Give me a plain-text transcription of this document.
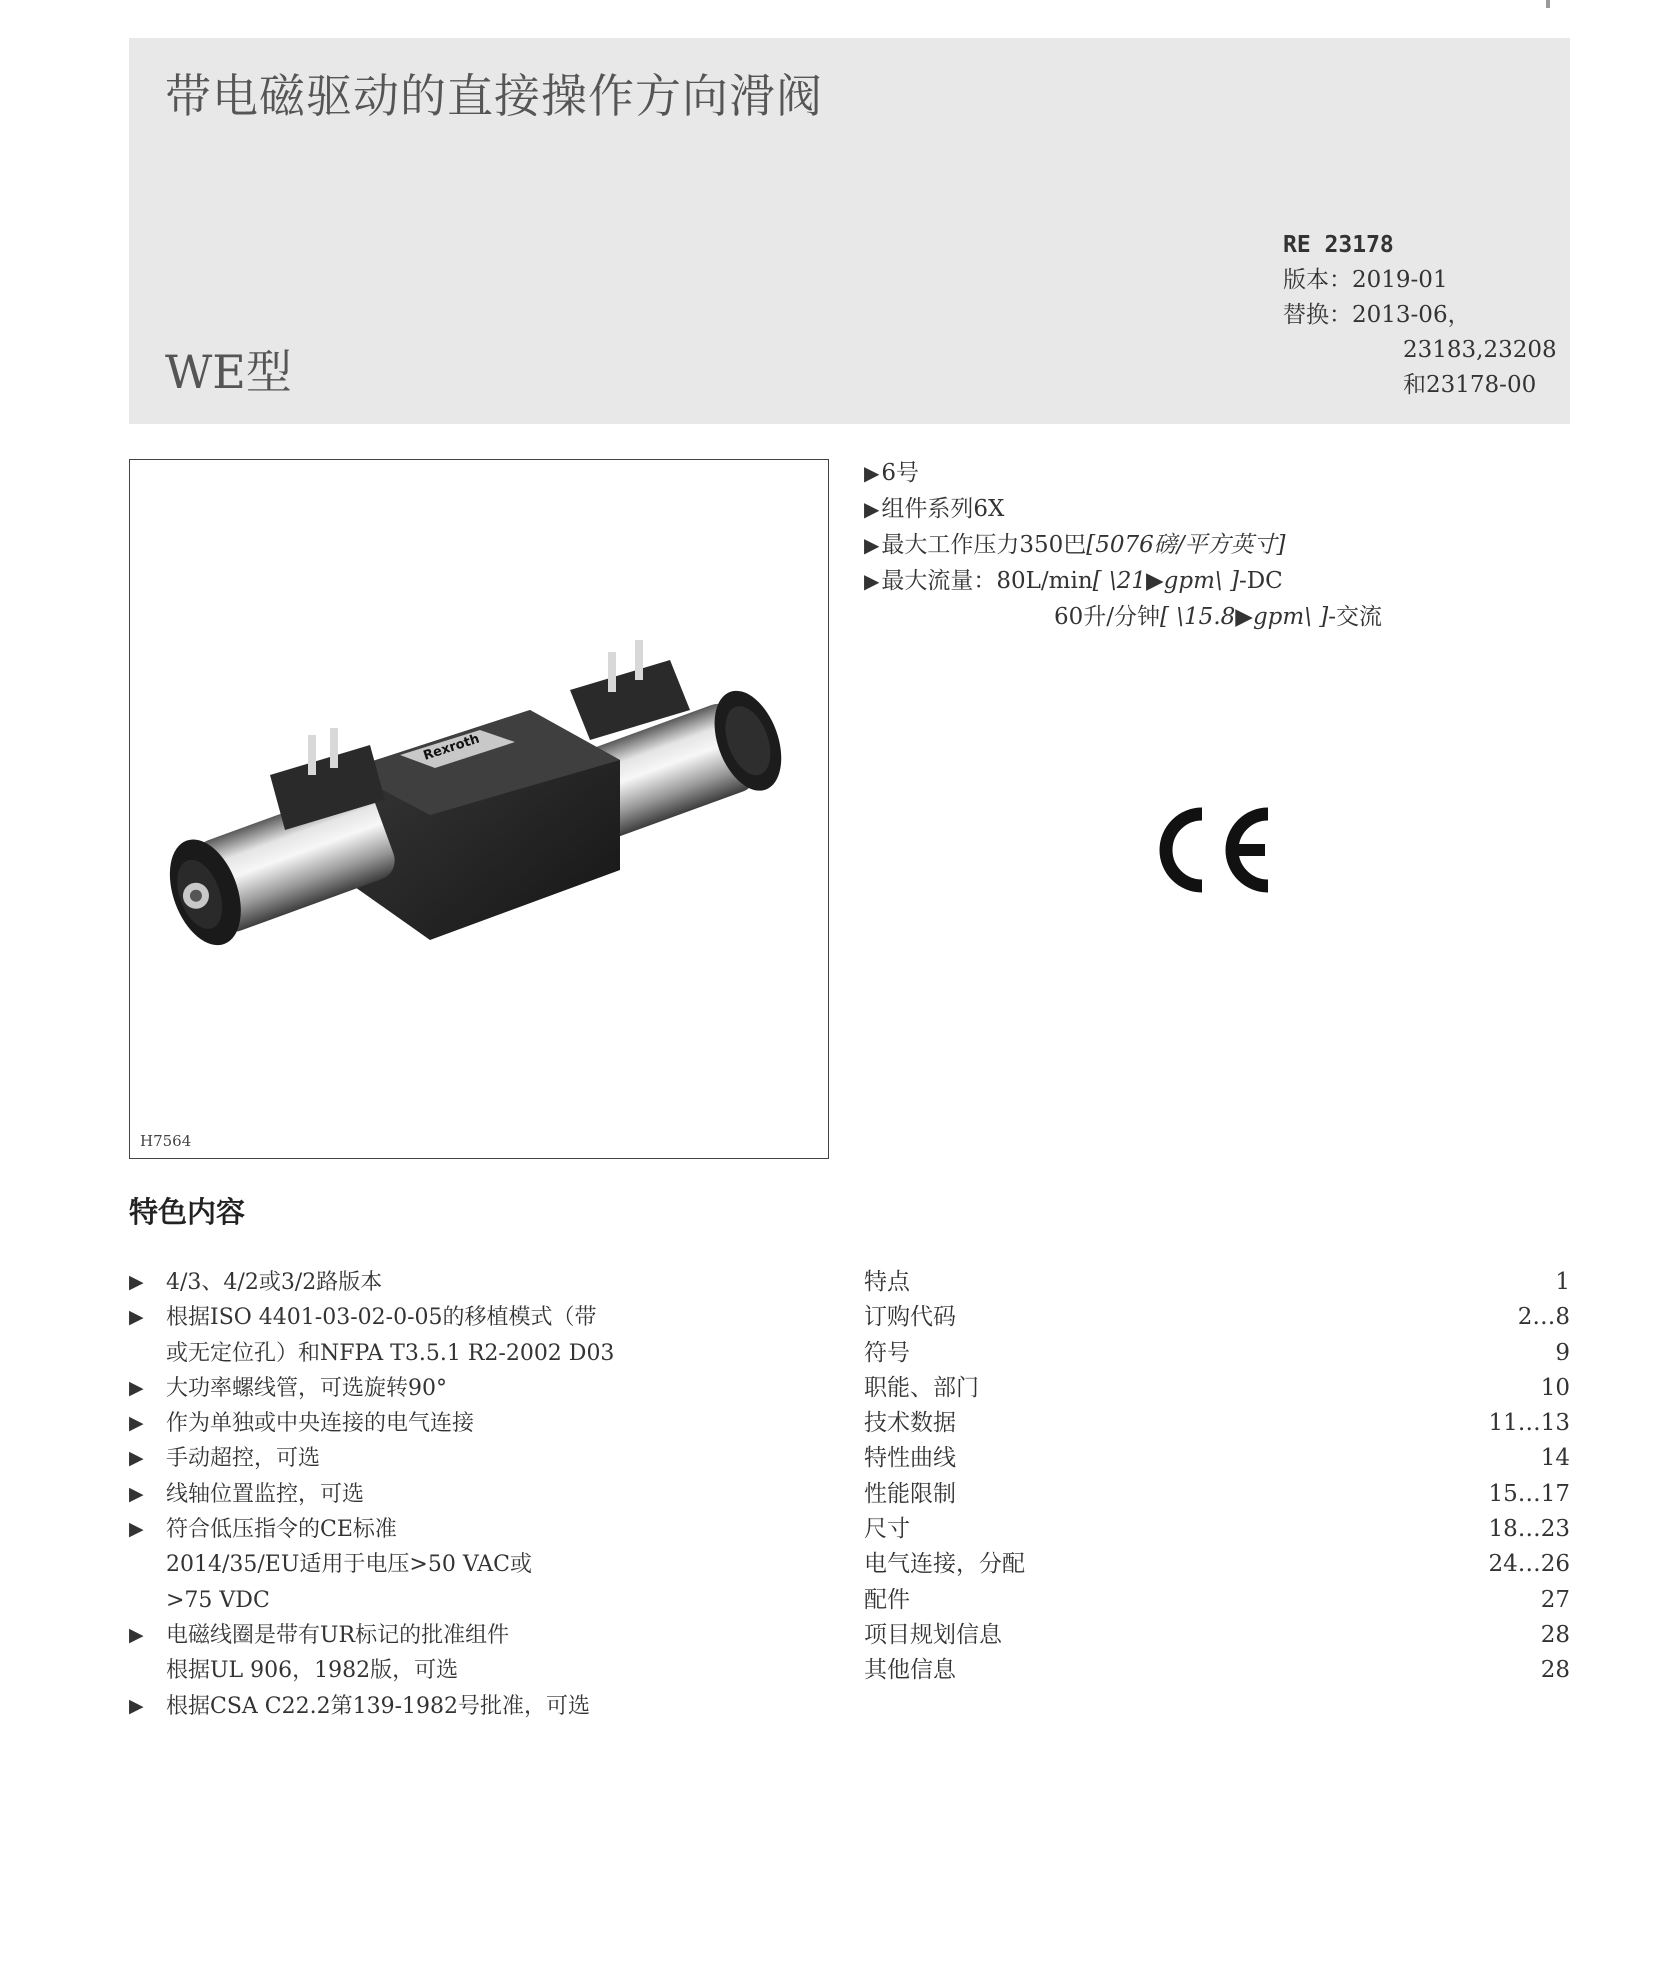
带电磁驱动的直接操作方向滑阀
WE型
RE 23178
版本：2019-01
替换：2013-06，
23183,23208
和23178-00
Rexroth
H7564
▶6号
▶组件系列6X
▶最大工作压力350巴[5076磅/平方英寸]
▶最大流量：80L/min[ \21▶gpm\ ]-DC
60升/分钟[ \15.8▶gpm\ ]-交流
特色内容
▶ 4/3、4/2或3/2路版本
▶ 根据ISO 4401-03-02-0-05的移植模式（带
或无定位孔）和NFPA T3.5.1 R2-2002 D03
▶ 大功率螺线管，可选旋转90°
▶ 作为单独或中央连接的电气连接
▶ 手动超控，可选
▶ 线轴位置监控，可选
▶ 符合低压指令的CE标准
2014/35/EU适用于电压>50 VAC或
>75 VDC
▶ 电磁线圈是带有UR标记的批准组件
根据UL 906，1982版，可选
▶ 根据CSA C22.2第139-1982号批准，可选
特点	1
订购代码	2…8
符号	9
职能、部门	10
技术数据	11…13
特性曲线	14
性能限制	15…17
尺寸	18…23
电气连接，分配	24…26
配件	27
项目规划信息	28
其他信息	28
